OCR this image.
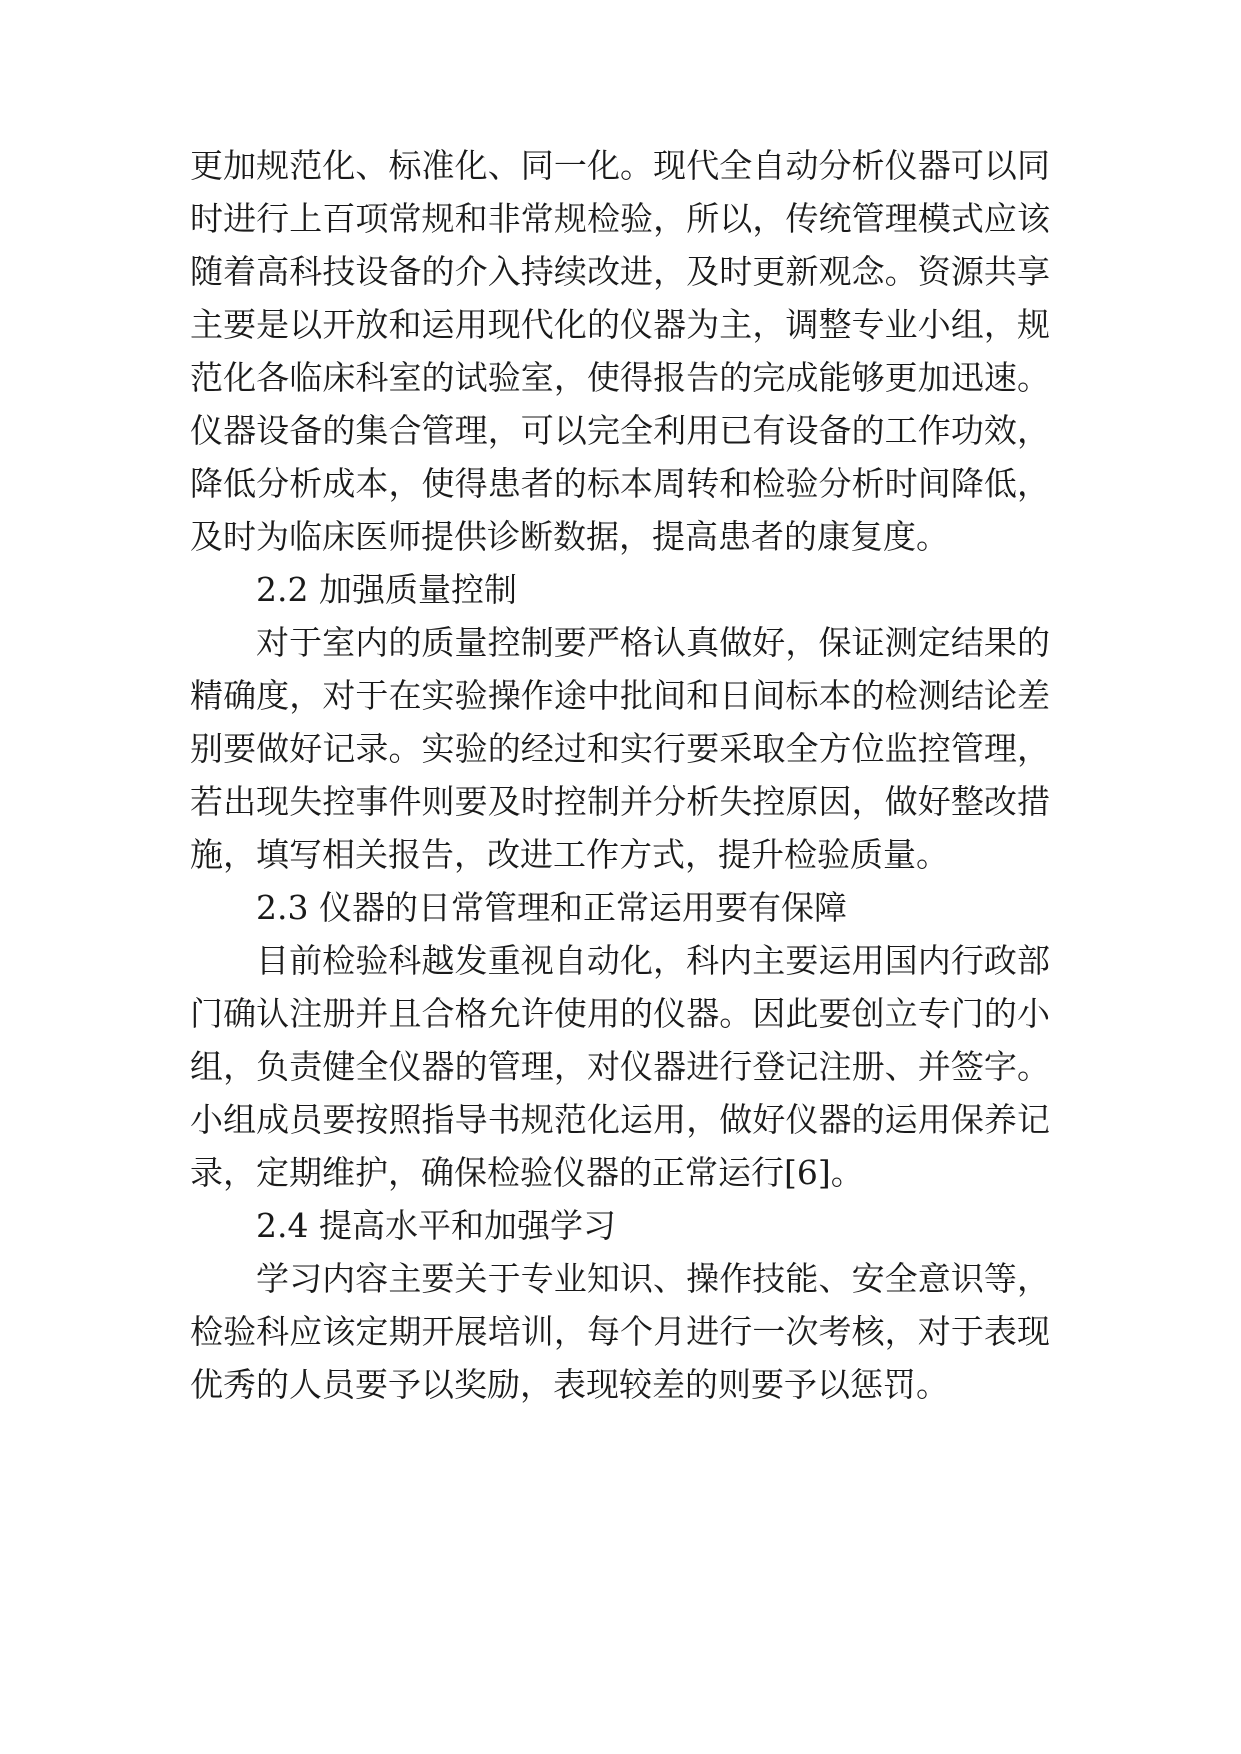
更加规范化、标准化、同一化。现代全自动分析仪器可以同
时进行上百项常规和非常规检验，所以，传统管理模式应该
随着高科技设备的介入持续改进，及时更新观念。资源共享
主要是以开放和运用现代化的仪器为主，调整专业小组，规
范化各临床科室的试验室，使得报告的完成能够更加迅速。
仪器设备的集合管理，可以完全利用已有设备的工作功效，
降低分析成本，使得患者的标本周转和检验分析时间降低，
及时为临床医师提供诊断数据，提高患者的康复度。
2.2 加强质量控制
对于室内的质量控制要严格认真做好，保证测定结果的
精确度，对于在实验操作途中批间和日间标本的检测结论差
别要做好记录。实验的经过和实行要采取全方位监控管理，
若出现失控事件则要及时控制并分析失控原因，做好整改措
施，填写相关报告，改进工作方式，提升检验质量。
2.3 仪器的日常管理和正常运用要有保障
目前检验科越发重视自动化，科内主要运用国内行政部
门确认注册并且合格允许使用的仪器。因此要创立专门的小
组，负责健全仪器的管理，对仪器进行登记注册、并签字。
小组成员要按照指导书规范化运用，做好仪器的运用保养记
录，定期维护，确保检验仪器的正常运行[6]。
2.4 提高水平和加强学习
学习内容主要关于专业知识、操作技能、安全意识等，
检验科应该定期开展培训，每个月进行一次考核，对于表现
优秀的人员要予以奖励，表现较差的则要予以惩罚。
